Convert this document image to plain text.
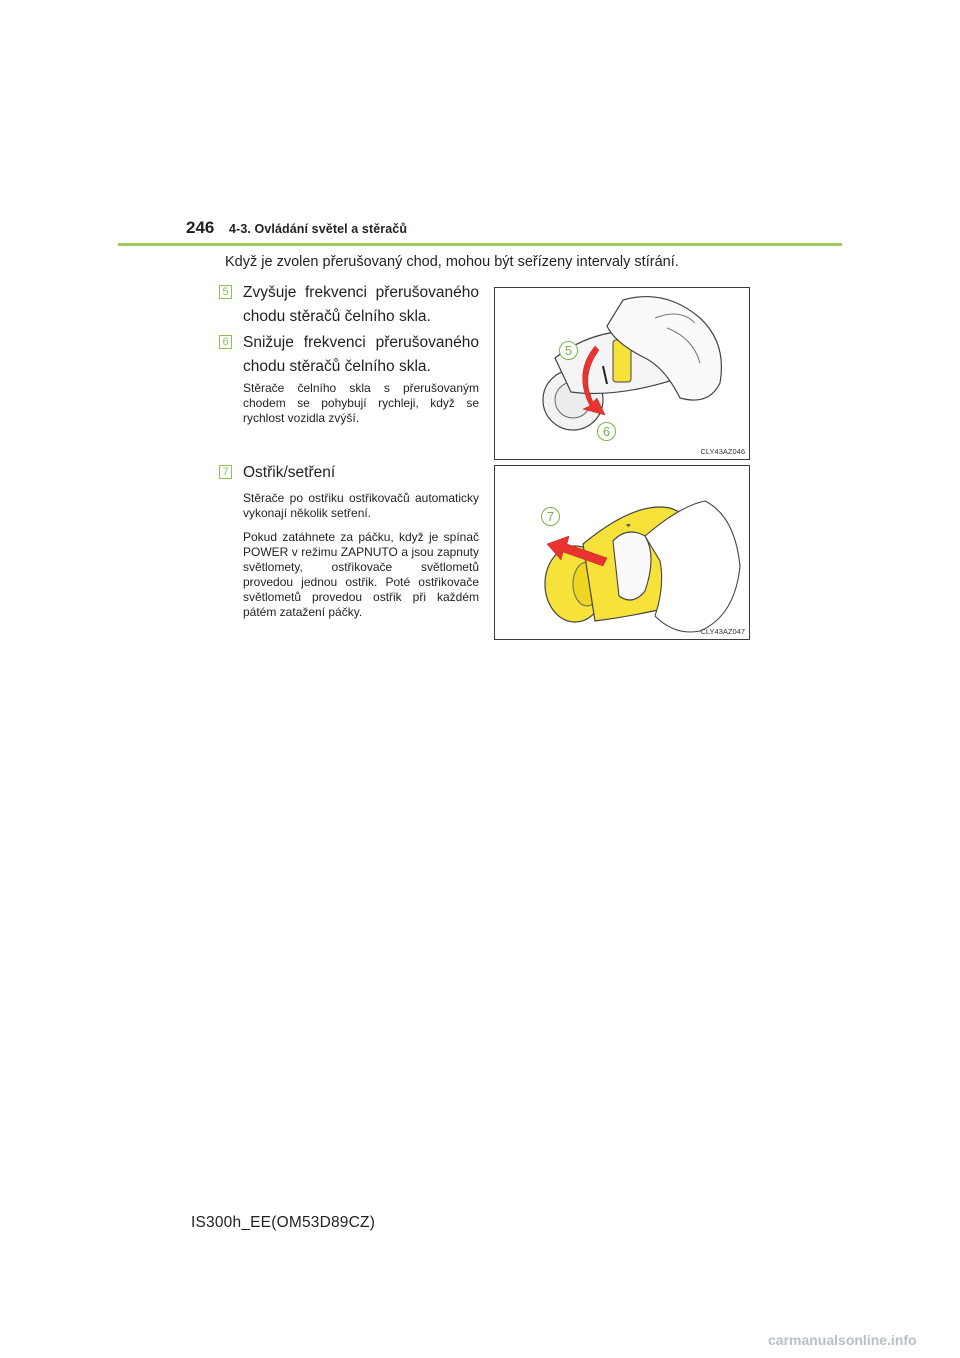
246 4-3. Ovládání světel a stěračů
Když je zvolen přerušovaný chod, mohou být seřízeny intervaly stírání.
5 Zvyšuje frekvenci přerušovaného chodu stěračů čelního skla.
6 Snižuje frekvenci přerušovaného chodu stěračů čelního skla.
Stěrače čelního skla s přerušovaným chodem se pohybují rychleji, když se rychlost vozidla zvýší.
7 Ostřik/setření
Stěrače po ostřiku ostřikovačů automaticky vykonají několik setření.
Pokud zatáhnete za páčku, když je spínač POWER v režimu ZAPNUTO a jsou zapnuty světlomety, ostřikovače světlometů provedou jednou ostřik. Poté ostřikovače světlometů provedou ostřik při každém pátém zatažení páčky.
5
6
CLY43AZ046
⚭
7
CLY43AZ047
IS300h_EE(OM53D89CZ)
carmanualsonline.info
